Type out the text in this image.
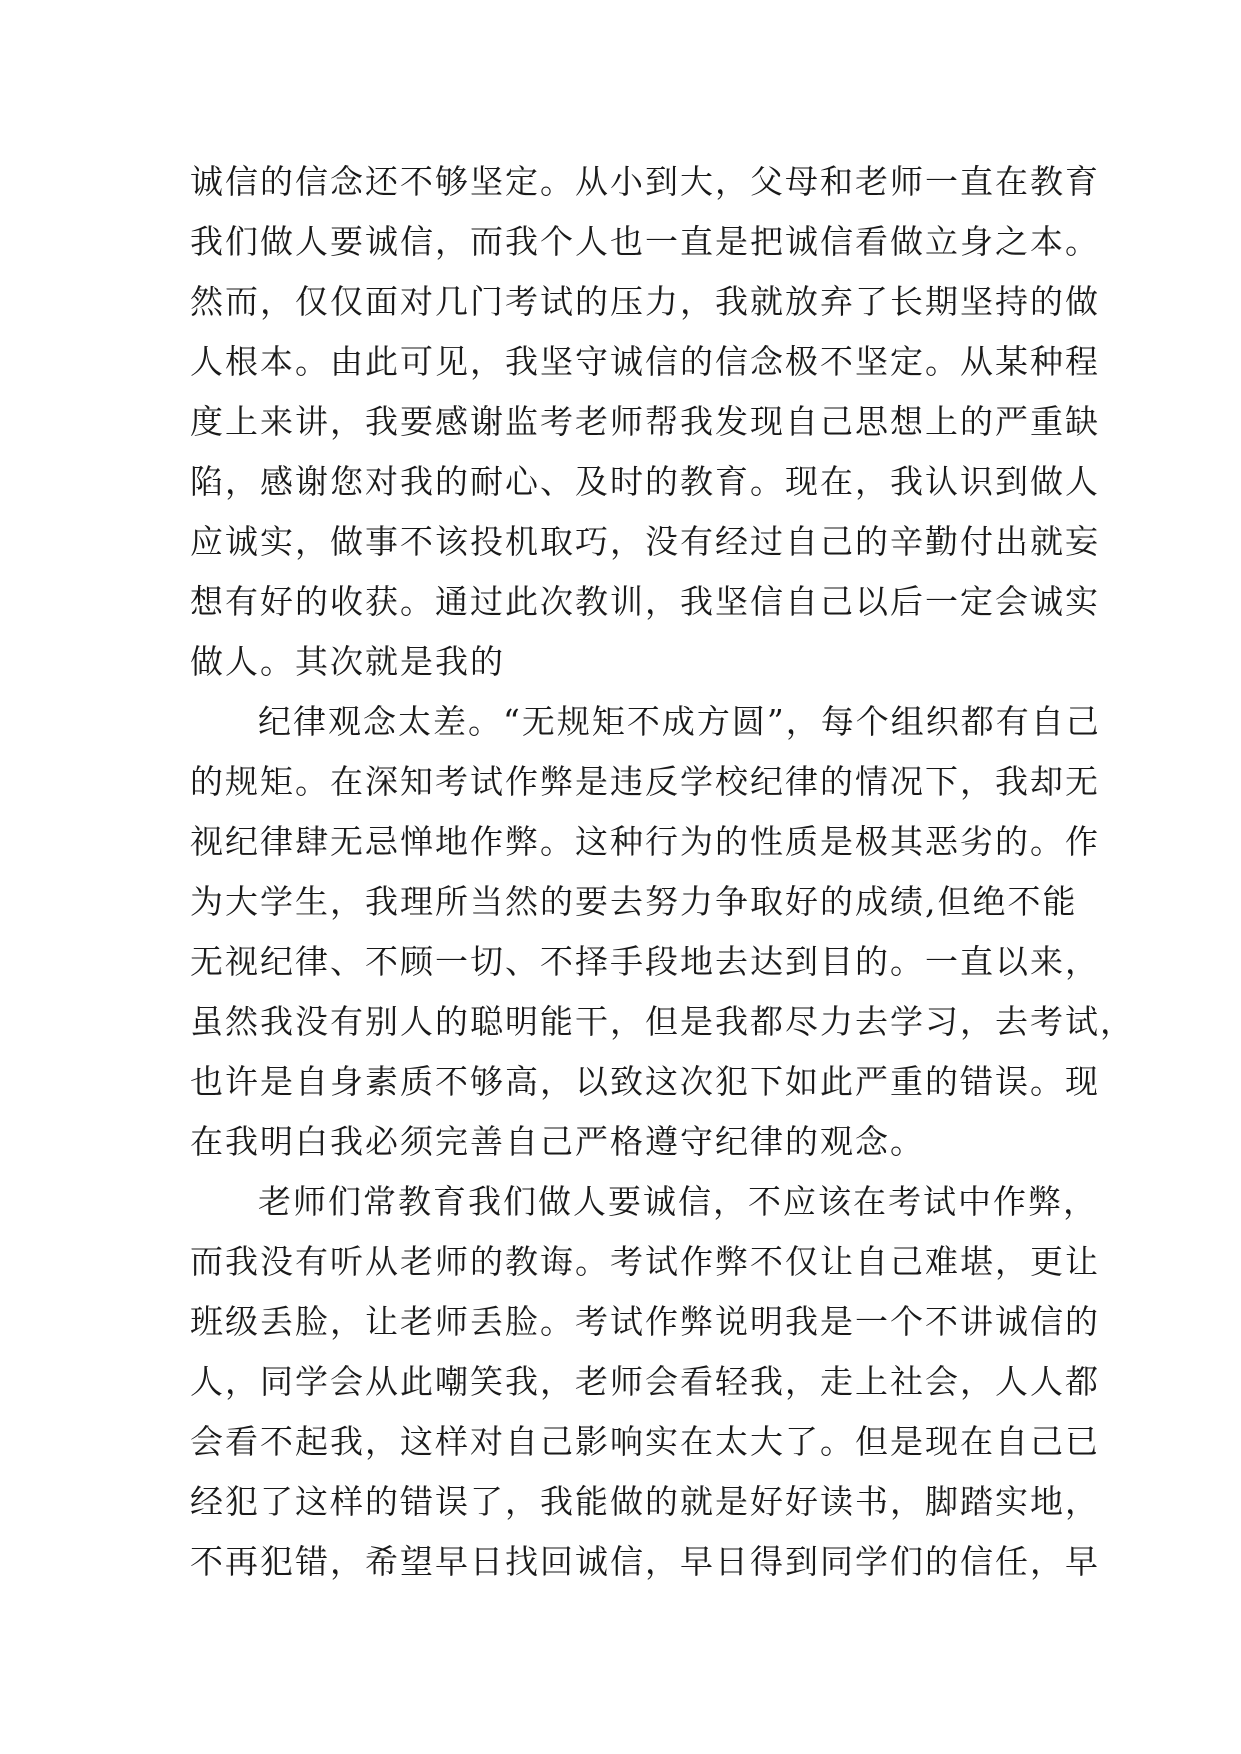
诚信的信念还不够坚定。从小到大，父母和老师一直在教育
我们做人要诚信，而我个人也一直是把诚信看做立身之本。
然而，仅仅面对几门考试的压力，我就放弃了长期坚持的做
人根本。由此可见，我坚守诚信的信念极不坚定。从某种程
度上来讲，我要感谢监考老师帮我发现自己思想上的严重缺
陷，感谢您对我的耐心、及时的教育。现在，我认识到做人
应诚实，做事不该投机取巧，没有经过自己的辛勤付出就妄
想有好的收获。通过此次教训，我坚信自己以后一定会诚实
做人。其次就是我的
纪律观念太差。“无规矩不成方圆”，每个组织都有自己
的规矩。在深知考试作弊是违反学校纪律的情况下，我却无
视纪律肆无忌惮地作弊。这种行为的性质是极其恶劣的。作
为大学生，我理所当然的要去努力争取好的成绩,但绝不能
无视纪律、不顾一切、不择手段地去达到目的。一直以来，
虽然我没有别人的聪明能干，但是我都尽力去学习，去考试，
也许是自身素质不够高，以致这次犯下如此严重的错误。现
在我明白我必须完善自己严格遵守纪律的观念。
老师们常教育我们做人要诚信，不应该在考试中作弊，
而我没有听从老师的教诲。考试作弊不仅让自己难堪，更让
班级丢脸，让老师丢脸。考试作弊说明我是一个不讲诚信的
人，同学会从此嘲笑我，老师会看轻我，走上社会，人人都
会看不起我，这样对自己影响实在太大了。但是现在自己已
经犯了这样的错误了，我能做的就是好好读书，脚踏实地，
不再犯错，希望早日找回诚信，早日得到同学们的信任，早
